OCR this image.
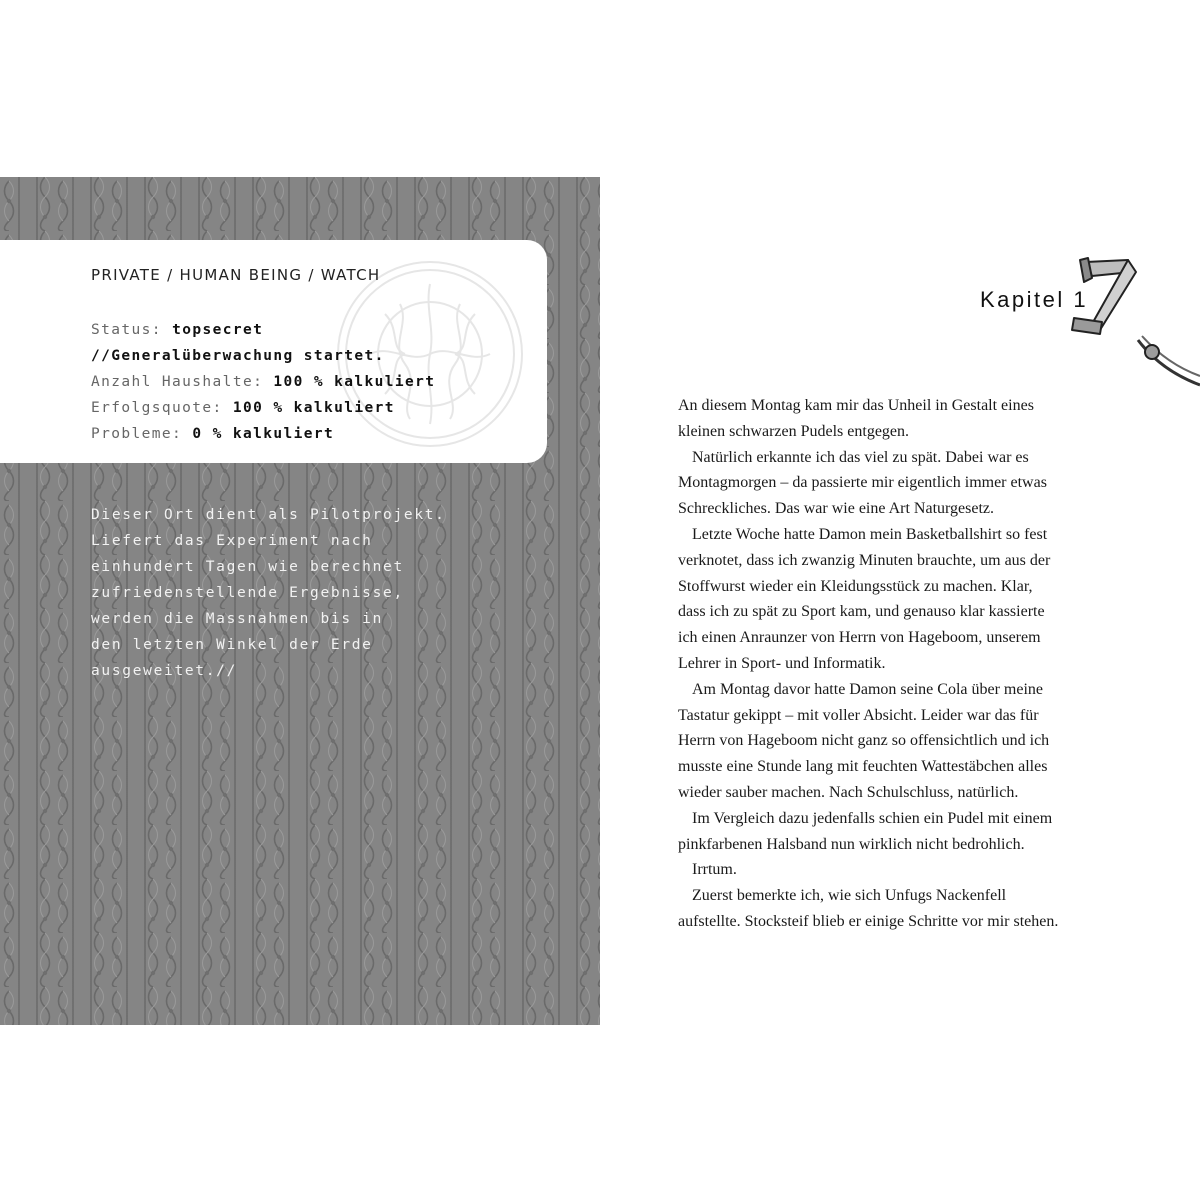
PRIVATE / HUMAN BEING / WATCH
Status: topsecret
//Generalüberwachung startet.
Anzahl Haushalte: 100 % kalkuliert
Erfolgsquote: 100 % kalkuliert
Probleme: 0 % kalkuliert
Dieser Ort dient als Pilotprojekt.
Liefert das Experiment nach
einhundert Tagen wie berechnet
zufriedenstellende Ergebnisse,
werden die Massnahmen bis in
den letzten Winkel der Erde
ausgeweitet.//
Kapitel 1
An diesem Montag kam mir das Unheil in Gestalt eines
kleinen schwarzen Pudels entgegen.
Natürlich erkannte ich das viel zu spät. Dabei war es
Montagmorgen – da passierte mir eigentlich immer etwas
Schreckliches. Das war wie eine Art Naturgesetz.
Letzte Woche hatte Damon mein Basketballshirt so fest
verknotet, dass ich zwanzig Minuten brauchte, um aus der
Stoffwurst wieder ein Kleidungsstück zu machen. Klar,
dass ich zu spät zu Sport kam, und genauso klar kassierte
ich einen Anraunzer von Herrn von Hageboom, unserem
Lehrer in Sport- und Informatik.
Am Montag davor hatte Damon seine Cola über meine
Tastatur gekippt – mit voller Absicht. Leider war das für
Herrn von Hageboom nicht ganz so offensichtlich und ich
musste eine Stunde lang mit feuchten Wattestäbchen alles
wieder sauber machen. Nach Schulschluss, natürlich.
Im Vergleich dazu jedenfalls schien ein Pudel mit einem
pinkfarbenen Halsband nun wirklich nicht bedrohlich.
Irrtum.
Zuerst bemerkte ich, wie sich Unfugs Nackenfell
aufstellte. Stocksteif blieb er einige Schritte vor mir stehen.
